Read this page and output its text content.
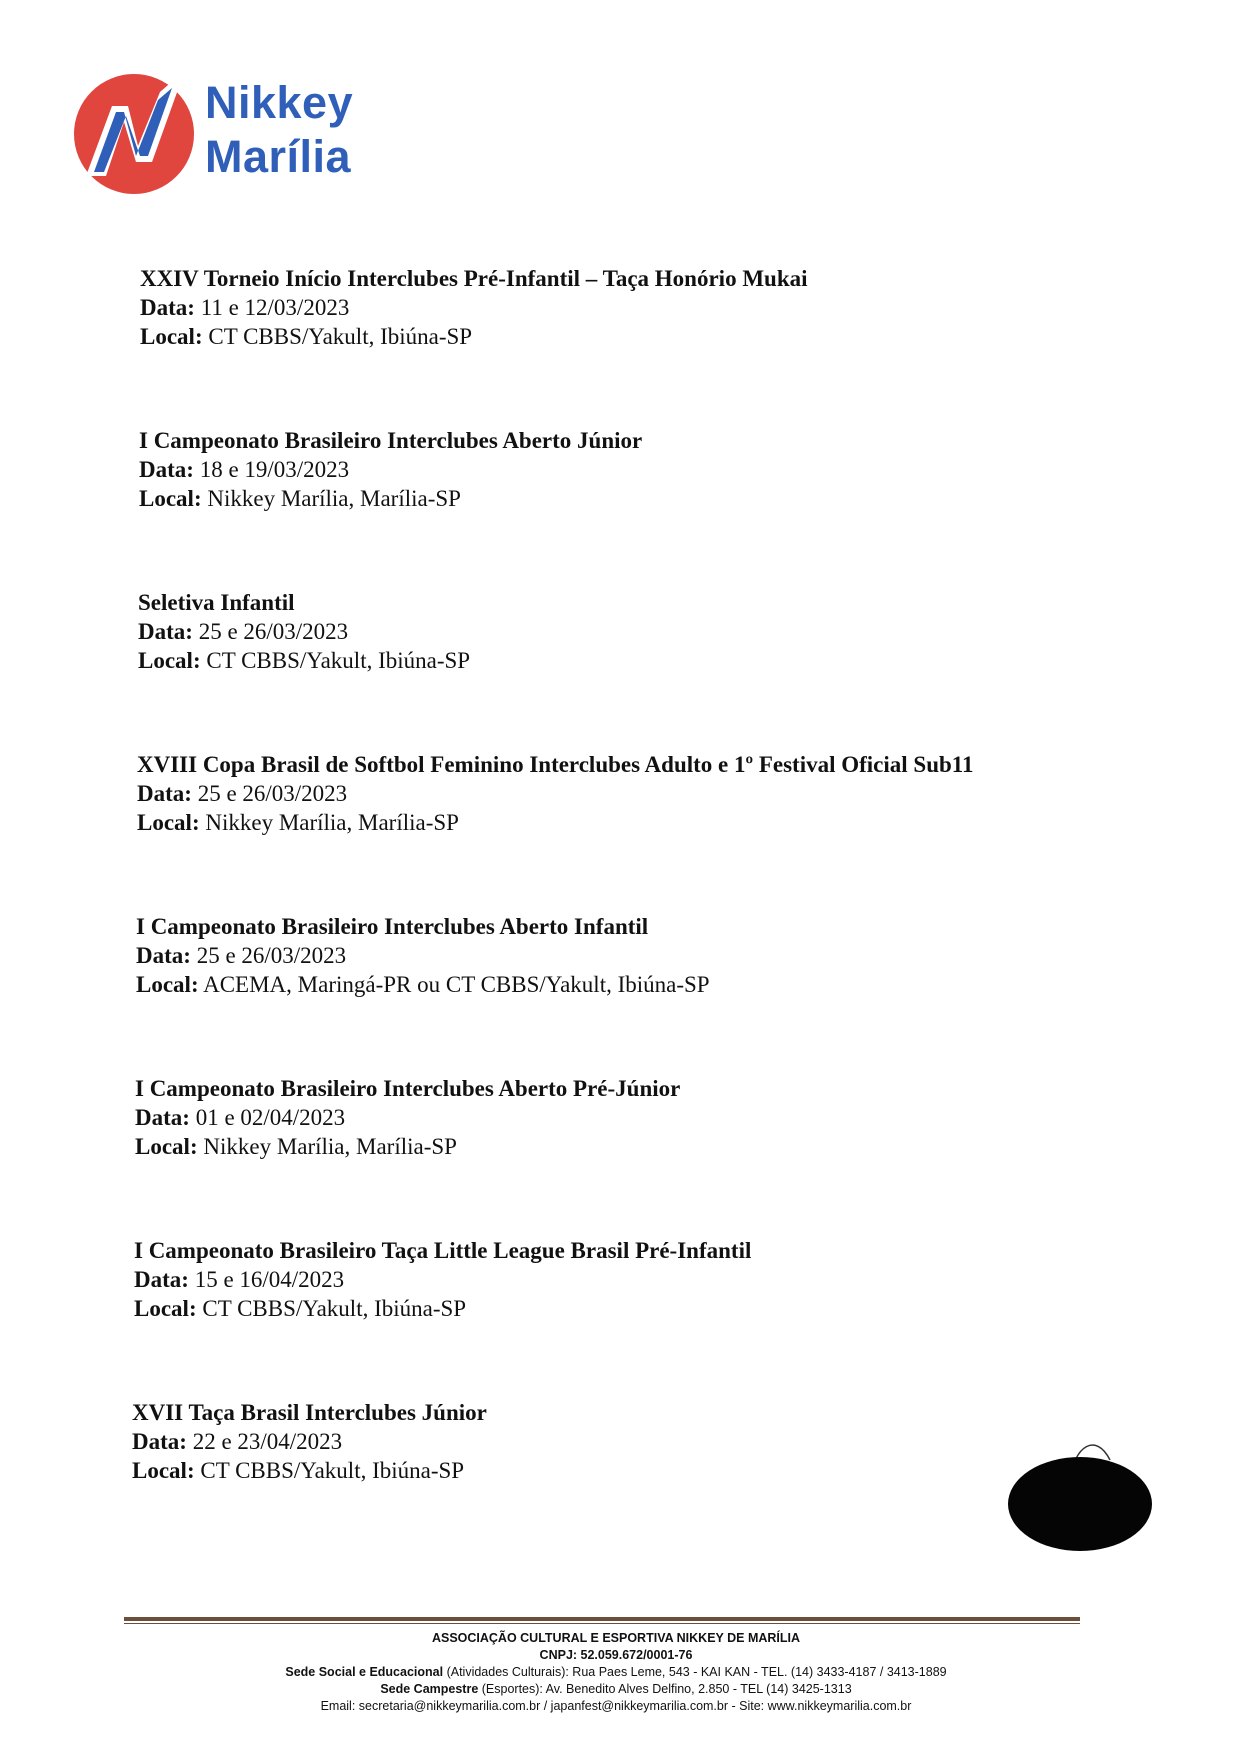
Nikkey
Marília
XXIV Torneio Início Interclubes Pré-Infantil – Taça Honório Mukai
Data: 11 e 12/03/2023
Local: CT CBBS/Yakult, Ibiúna-SP
I Campeonato Brasileiro Interclubes Aberto Júnior
Data: 18 e 19/03/2023
Local: Nikkey Marília, Marília-SP
Seletiva Infantil
Data: 25 e 26/03/2023
Local: CT CBBS/Yakult, Ibiúna-SP
XVIII Copa Brasil de Softbol Feminino Interclubes Adulto e 1º Festival Oficial Sub11
Data: 25 e 26/03/2023
Local: Nikkey Marília, Marília-SP
I Campeonato Brasileiro Interclubes Aberto Infantil
Data: 25 e 26/03/2023
Local: ACEMA, Maringá-PR ou CT CBBS/Yakult, Ibiúna-SP
I Campeonato Brasileiro Interclubes Aberto Pré-Júnior
Data: 01 e 02/04/2023
Local: Nikkey Marília, Marília-SP
I Campeonato Brasileiro Taça Little League Brasil Pré-Infantil
Data: 15 e 16/04/2023
Local: CT CBBS/Yakult, Ibiúna-SP
XVII Taça Brasil Interclubes Júnior
Data: 22 e 23/04/2023
Local: CT CBBS/Yakult, Ibiúna-SP
ASSOCIAÇÃO CULTURAL E ESPORTIVA NIKKEY DE MARÍLIA
CNPJ: 52.059.672/0001-76
Sede Social e Educacional (Atividades Culturais): Rua Paes Leme, 543 - KAI KAN - TEL. (14) 3433-4187 / 3413-1889
Sede Campestre (Esportes): Av. Benedito Alves Delfino, 2.850 - TEL (14) 3425-1313
Email: secretaria@nikkeymarilia.com.br / japanfest@nikkeymarilia.com.br - Site: www.nikkeymarilia.com.br
